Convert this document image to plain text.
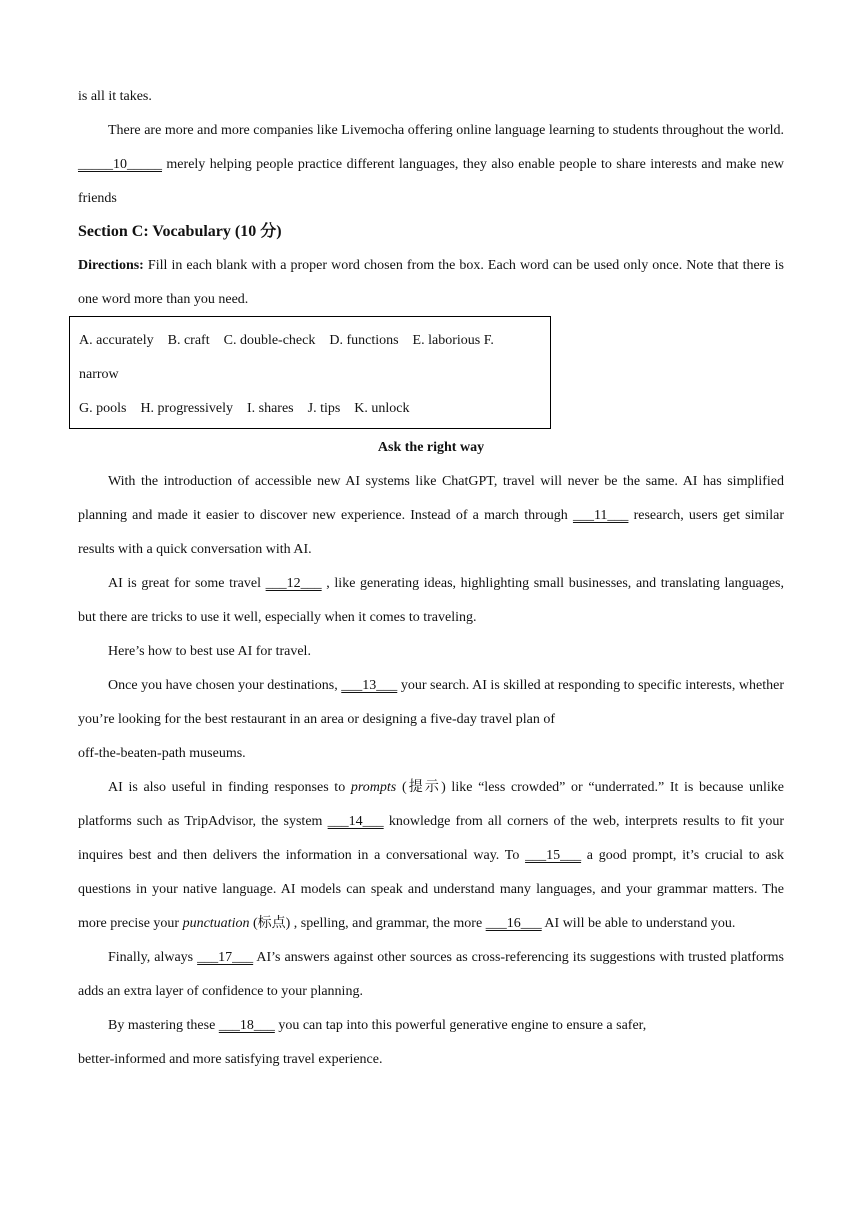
is all it takes.

There are more and more companies like Livemocha offering online language learning to students throughout the world. _____10_____ merely helping people practice different languages, they also enable people to share interests and make new friends

Section C: Vocabulary (10 分)

Directions: Fill in each blank with a proper word chosen from the box. Each word can be used only once. Note that there is one word more than you need.

A. accurately    B. craft    C. double-check    D. functions    E. laborious F.

narrow

G. pools    H. progressively    I. shares    J. tips    K. unlock

Ask the right way

With the introduction of accessible new AI systems like ChatGPT, travel will never be the same. AI has simplified planning and made it easier to discover new experience. Instead of a march through ___11___ research, users get similar results with a quick conversation with AI.

AI is great for some travel ___12___ , like generating ideas, highlighting small businesses, and translating languages, but there are tricks to use it well, especially when it comes to traveling.

Here’s how to best use AI for travel.

Once you have chosen your destinations, ___13___ your search. AI is skilled at responding to specific interests, whether you’re looking for the best restaurant in an area or designing a five-day travel plan of

off-the-beaten-path museums.

AI is also useful in finding responses to prompts (提示) like “less crowded” or “underrated.” It is because unlike platforms such as TripAdvisor, the system ___14___ knowledge from all corners of the web, interprets results to fit your inquires best and then delivers the information in a conversational way. To ___15___ a good prompt, it’s crucial to ask questions in your native language. AI models can speak and understand many languages, and your grammar matters. The more precise your punctuation (标点) , spelling, and grammar, the more ___16___ AI will be able to understand you.

Finally, always ___17___ AI’s answers against other sources as cross-referencing its suggestions with trusted platforms adds an extra layer of confidence to your planning.

By mastering these ___18___ you can tap into this powerful generative engine to ensure a safer,

better-informed and more satisfying travel experience.
